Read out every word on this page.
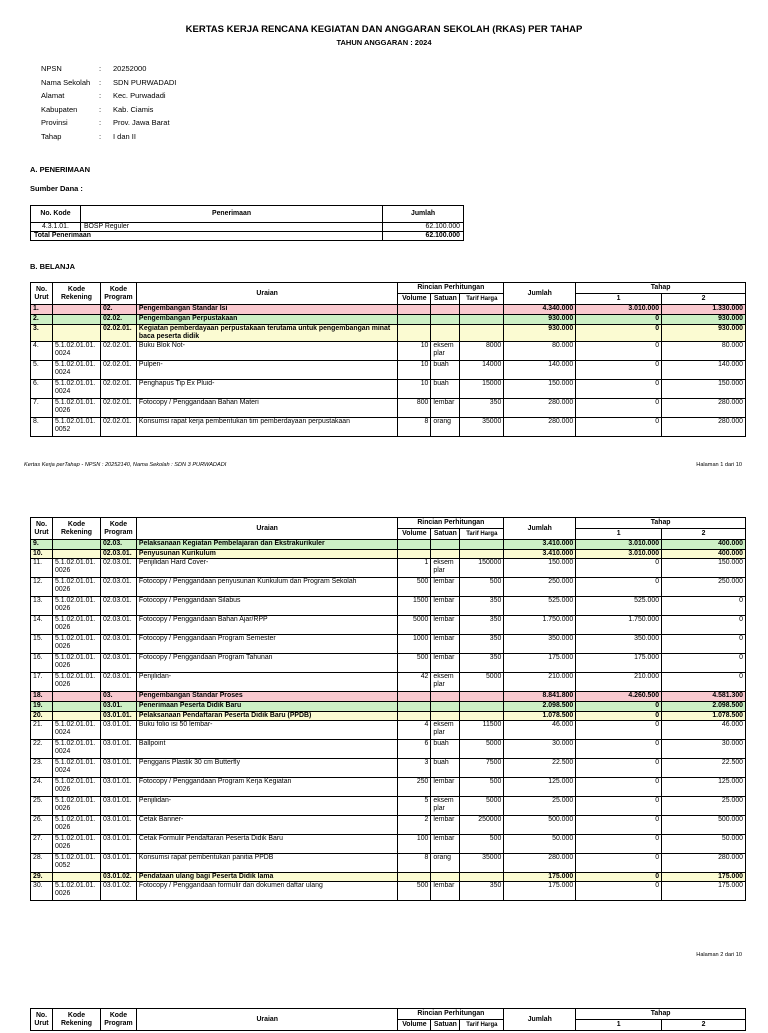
KERTAS KERJA RENCANA KEGIATAN DAN ANGGARAN SEKOLAH (RKAS) PER TAHAP
TAHUN ANGGARAN : 2024
NPSN	:	20252000
Nama Sekolah	:	SDN PURWADADI
Alamat	:	Kec. Purwadadi
Kabupaten	:	Kab. Ciamis
Provinsi	:	Prov. Jawa Barat
Tahap	:	I dan II
A. PENERIMAAN
Sumber Dana :
No. Kode	Penerimaan	Jumlah
4.3.1.01.	BOSP Reguler	62.100.000
Total Penerimaan		62.100.000
B. BELANJA
No. Urut	Kode Rekening	Kode Program	Uraian	Rincian Perhitungan			Jumlah	Tahap	
				Volume	Satuan	Tarif Harga		1	2
1.		02.	Pengembangan Standar Isi				4.340.000	3.010.000	1.330.000
2.		02.02.	Pengembangan Perpustakaan				930.000	0	930.000
3.		02.02.01.	Kegiatan pemberdayaan perpustakaan terutama untuk pengembangan minat baca peserta didik				930.000	0	930.000
4.	5.1.02.01.01.0024	02.02.01.	Buku Blok Not-	10	eksemplar	8000	80.000	0	80.000
5.	5.1.02.01.01.0024	02.02.01.	Pulpen-	10	buah	14000	140.000	0	140.000
6.	5.1.02.01.01.0024	02.02.01.	Penghapus Tip Ex Pluid-	10	buah	15000	150.000	0	150.000
7.	5.1.02.01.01.0026	02.02.01.	Fotocopy / Penggandaan Bahan Materi	800	lembar	350	280.000	0	280.000
8.	5.1.02.01.01.0052	02.02.01.	Konsumsi rapat kerja pembentukan tim pemberdayaan perpustakaan	8	orang	35000	280.000	0	280.000
Kertas Kerja perTahap - NPSN : 20252140, Nama Sekolah : SDN 3 PURWADADI	Halaman 1 dari 10
No. Urut	Kode Rekening	Kode Program	Uraian	Rincian Perhitungan			Jumlah	Tahap	
				Volume	Satuan	Tarif Harga		1	2
9.		02.03.	Pelaksanaan Kegiatan Pembelajaran dan Ekstrakurikuler				3.410.000	3.010.000	400.000
10.		02.03.01.	Penyusunan Kurikulum				3.410.000	3.010.000	400.000
11.	5.1.02.01.01.0026	02.03.01.	Penjilidan Hard Cover-	1	eksemplar	150000	150.000	0	150.000
12.	5.1.02.01.01.0026	02.03.01.	Fotocopy / Penggandaan penyusunan Kurikulum dan Program Sekolah	500	lembar	500	250.000	0	250.000
13.	5.1.02.01.01.0026	02.03.01.	Fotocopy / Penggandaan Silabus	1500	lembar	350	525.000	525.000	0
14.	5.1.02.01.01.0026	02.03.01.	Fotocopy / Penggandaan Bahan Ajar/RPP	5000	lembar	350	1.750.000	1.750.000	0
15.	5.1.02.01.01.0026	02.03.01.	Fotocopy / Penggandaan Program Semester	1000	lembar	350	350.000	350.000	0
16.	5.1.02.01.01.0026	02.03.01.	Fotocopy / Penggandaan Program Tahunan	500	lembar	350	175.000	175.000	0
17.	5.1.02.01.01.0026	02.03.01.	Penjilidan-	42	eksemplar	5000	210.000	210.000	0
18.		03.	Pengembangan Standar Proses				8.841.800	4.260.500	4.581.300
19.		03.01.	Penerimaan Peserta Didik Baru				2.098.500	0	2.098.500
20.		03.01.01.	Pelaksanaan Pendaftaran Peserta Didik Baru (PPDB)				1.078.500	0	1.078.500
21.	5.1.02.01.01.0024	03.01.01.	Buku folio isi 50 lembar-	4	eksemplar	11500	46.000	0	46.000
22.	5.1.02.01.01.0024	03.01.01.	Ballpoint	6	buah	5000	30.000	0	30.000
23.	5.1.02.01.01.0024	03.01.01.	Penggaris Plastik 30 cm Butterfly	3	buah	7500	22.500	0	22.500
24.	5.1.02.01.01.0026	03.01.01.	Fotocopy / Penggandaan Program Kerja Kegiatan	250	lembar	500	125.000	0	125.000
25.	5.1.02.01.01.0026	03.01.01.	Penjilidan-	5	eksemplar	5000	25.000	0	25.000
26.	5.1.02.01.01.0026	03.01.01.	Cetak Banner-	2	lembar	250000	500.000	0	500.000
27.	5.1.02.01.01.0026	03.01.01.	Cetak Formulir Pendaftaran Peserta Didik Baru	100	lembar	500	50.000	0	50.000
28.	5.1.02.01.01.0052	03.01.01.	Konsumsi rapat pembentukan panitia PPDB	8	orang	35000	280.000	0	280.000
29.		03.01.02.	Pendataan ulang bagi Peserta Didik lama				175.000	0	175.000
30.	5.1.02.01.01.0026	03.01.02.	Fotocopy / Penggandaan formulir dan dokumen daftar ulang	500	lembar	350	175.000	0	175.000
Halaman 2 dari 10
No. Urut	Kode Rekening	Kode Program	Uraian	Rincian Perhitungan			Jumlah	Tahap	
				Volume	Satuan	Tarif Harga		1	2
